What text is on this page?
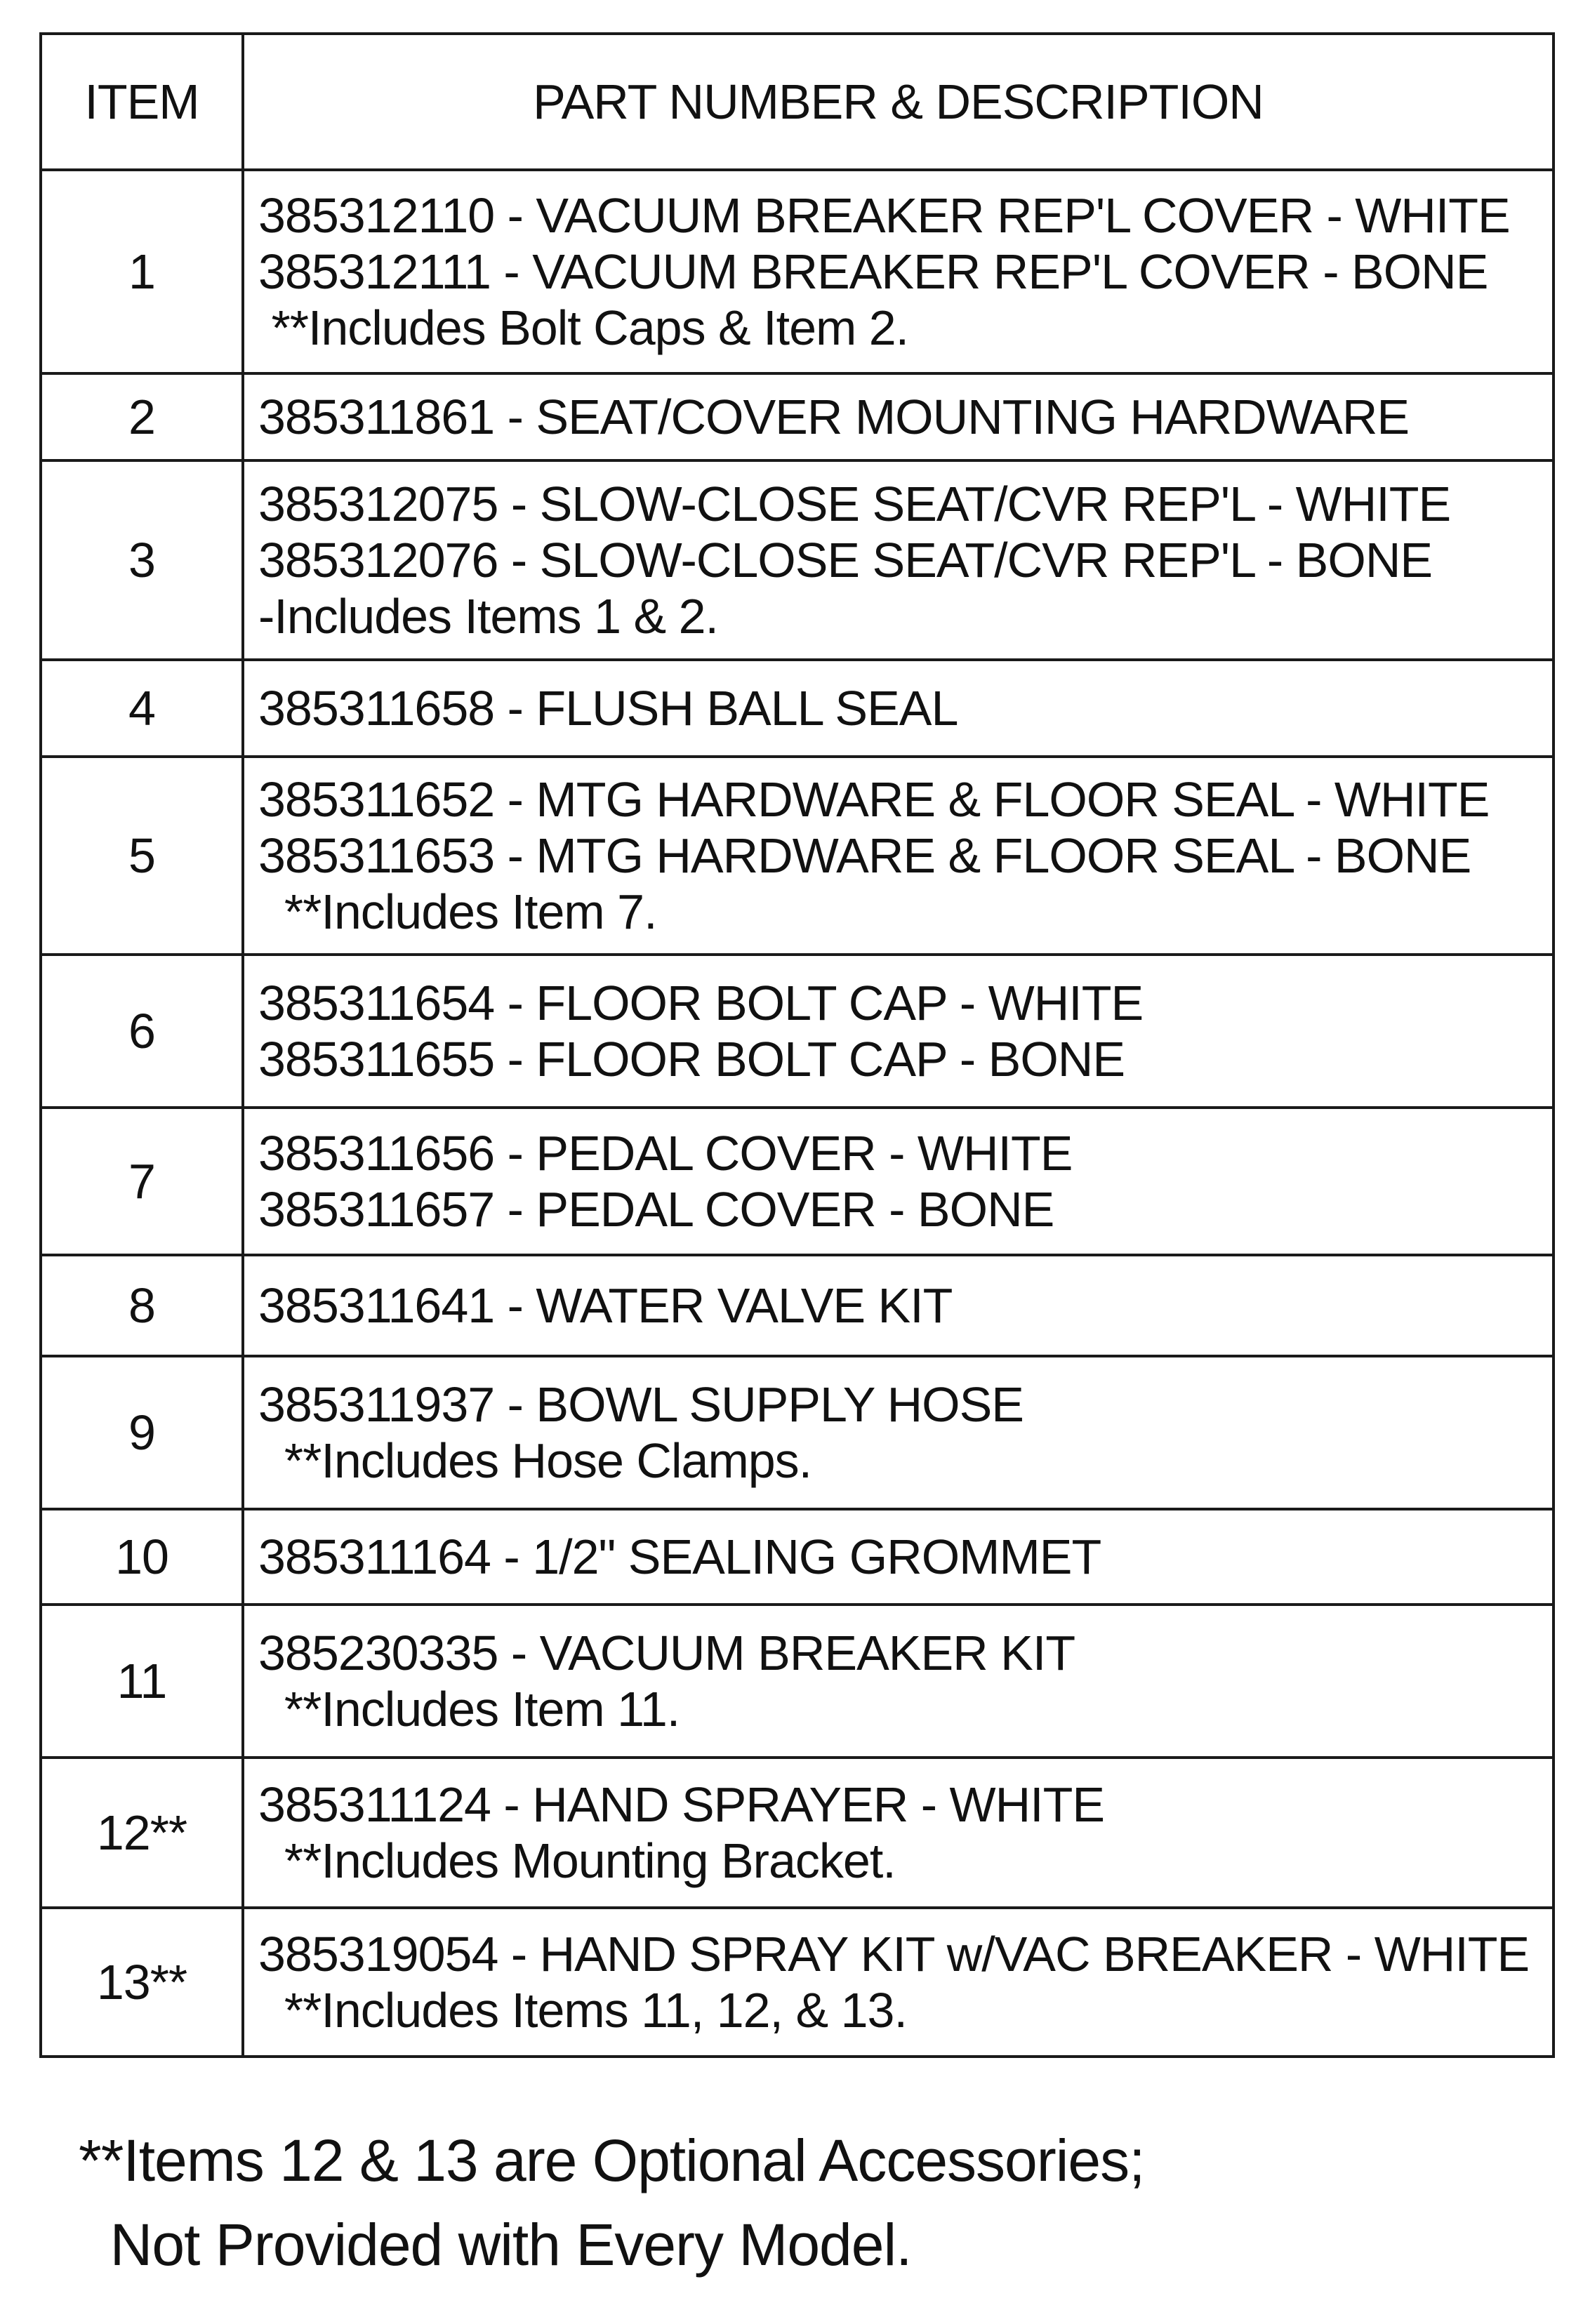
ITEM	PART NUMBER & DESCRIPTION
1	385312110 - VACUUM BREAKER REP'L COVER - WHITE
385312111 - VACUUM BREAKER REP'L COVER - BONE
**Includes Bolt Caps & Item 2.

2	385311861 - SEAT/COVER MOUNTING HARDWARE

3	385312075 - SLOW-CLOSE SEAT/CVR REP'L - WHITE
385312076 - SLOW-CLOSE SEAT/CVR REP'L - BONE
-Includes Items 1 & 2.

4	385311658 - FLUSH BALL SEAL

5	385311652 - MTG HARDWARE & FLOOR SEAL - WHITE
385311653 - MTG HARDWARE & FLOOR SEAL - BONE
**Includes Item 7.

6	385311654 - FLOOR BOLT CAP - WHITE
385311655 - FLOOR BOLT CAP - BONE

7	385311656 - PEDAL COVER - WHITE
385311657 - PEDAL COVER - BONE

8	385311641 - WATER VALVE KIT

9	385311937 - BOWL SUPPLY HOSE
**Includes Hose Clamps.

10	385311164 - 1/2" SEALING GROMMET

11	385230335 - VACUUM BREAKER KIT
**Includes Item 11.

12**	385311124 - HAND SPRAYER - WHITE
**Includes Mounting Bracket.

13**	385319054 - HAND SPRAY KIT w/VAC BREAKER - WHITE
**Includes Items 11, 12, & 13.
**Items 12 & 13 are Optional Accessories;
Not Provided with Every Model.
